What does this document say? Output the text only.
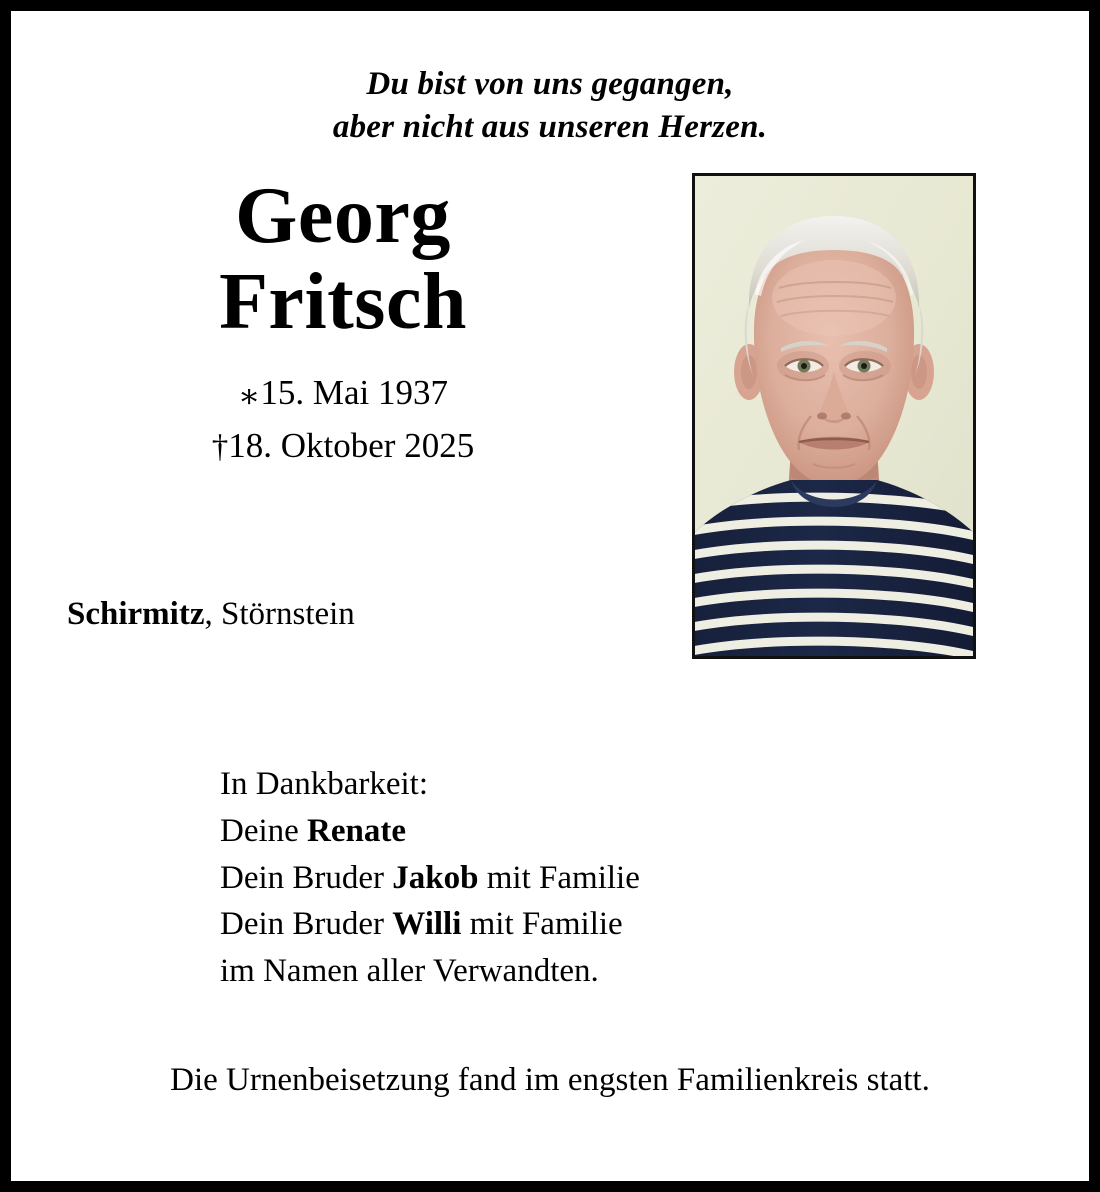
Du bist von uns gegangen,
aber nicht aus unseren Herzen.
Georg
Fritsch
∗15. Mai 1937
†18. Oktober 2025
Schirmitz, Störnstein
In Dankbarkeit:
Deine Renate
Dein Bruder Jakob mit Familie
Dein Bruder Willi mit Familie
im Namen aller Verwandten.
Die Urnenbeisetzung fand im engsten Familienkreis statt.
